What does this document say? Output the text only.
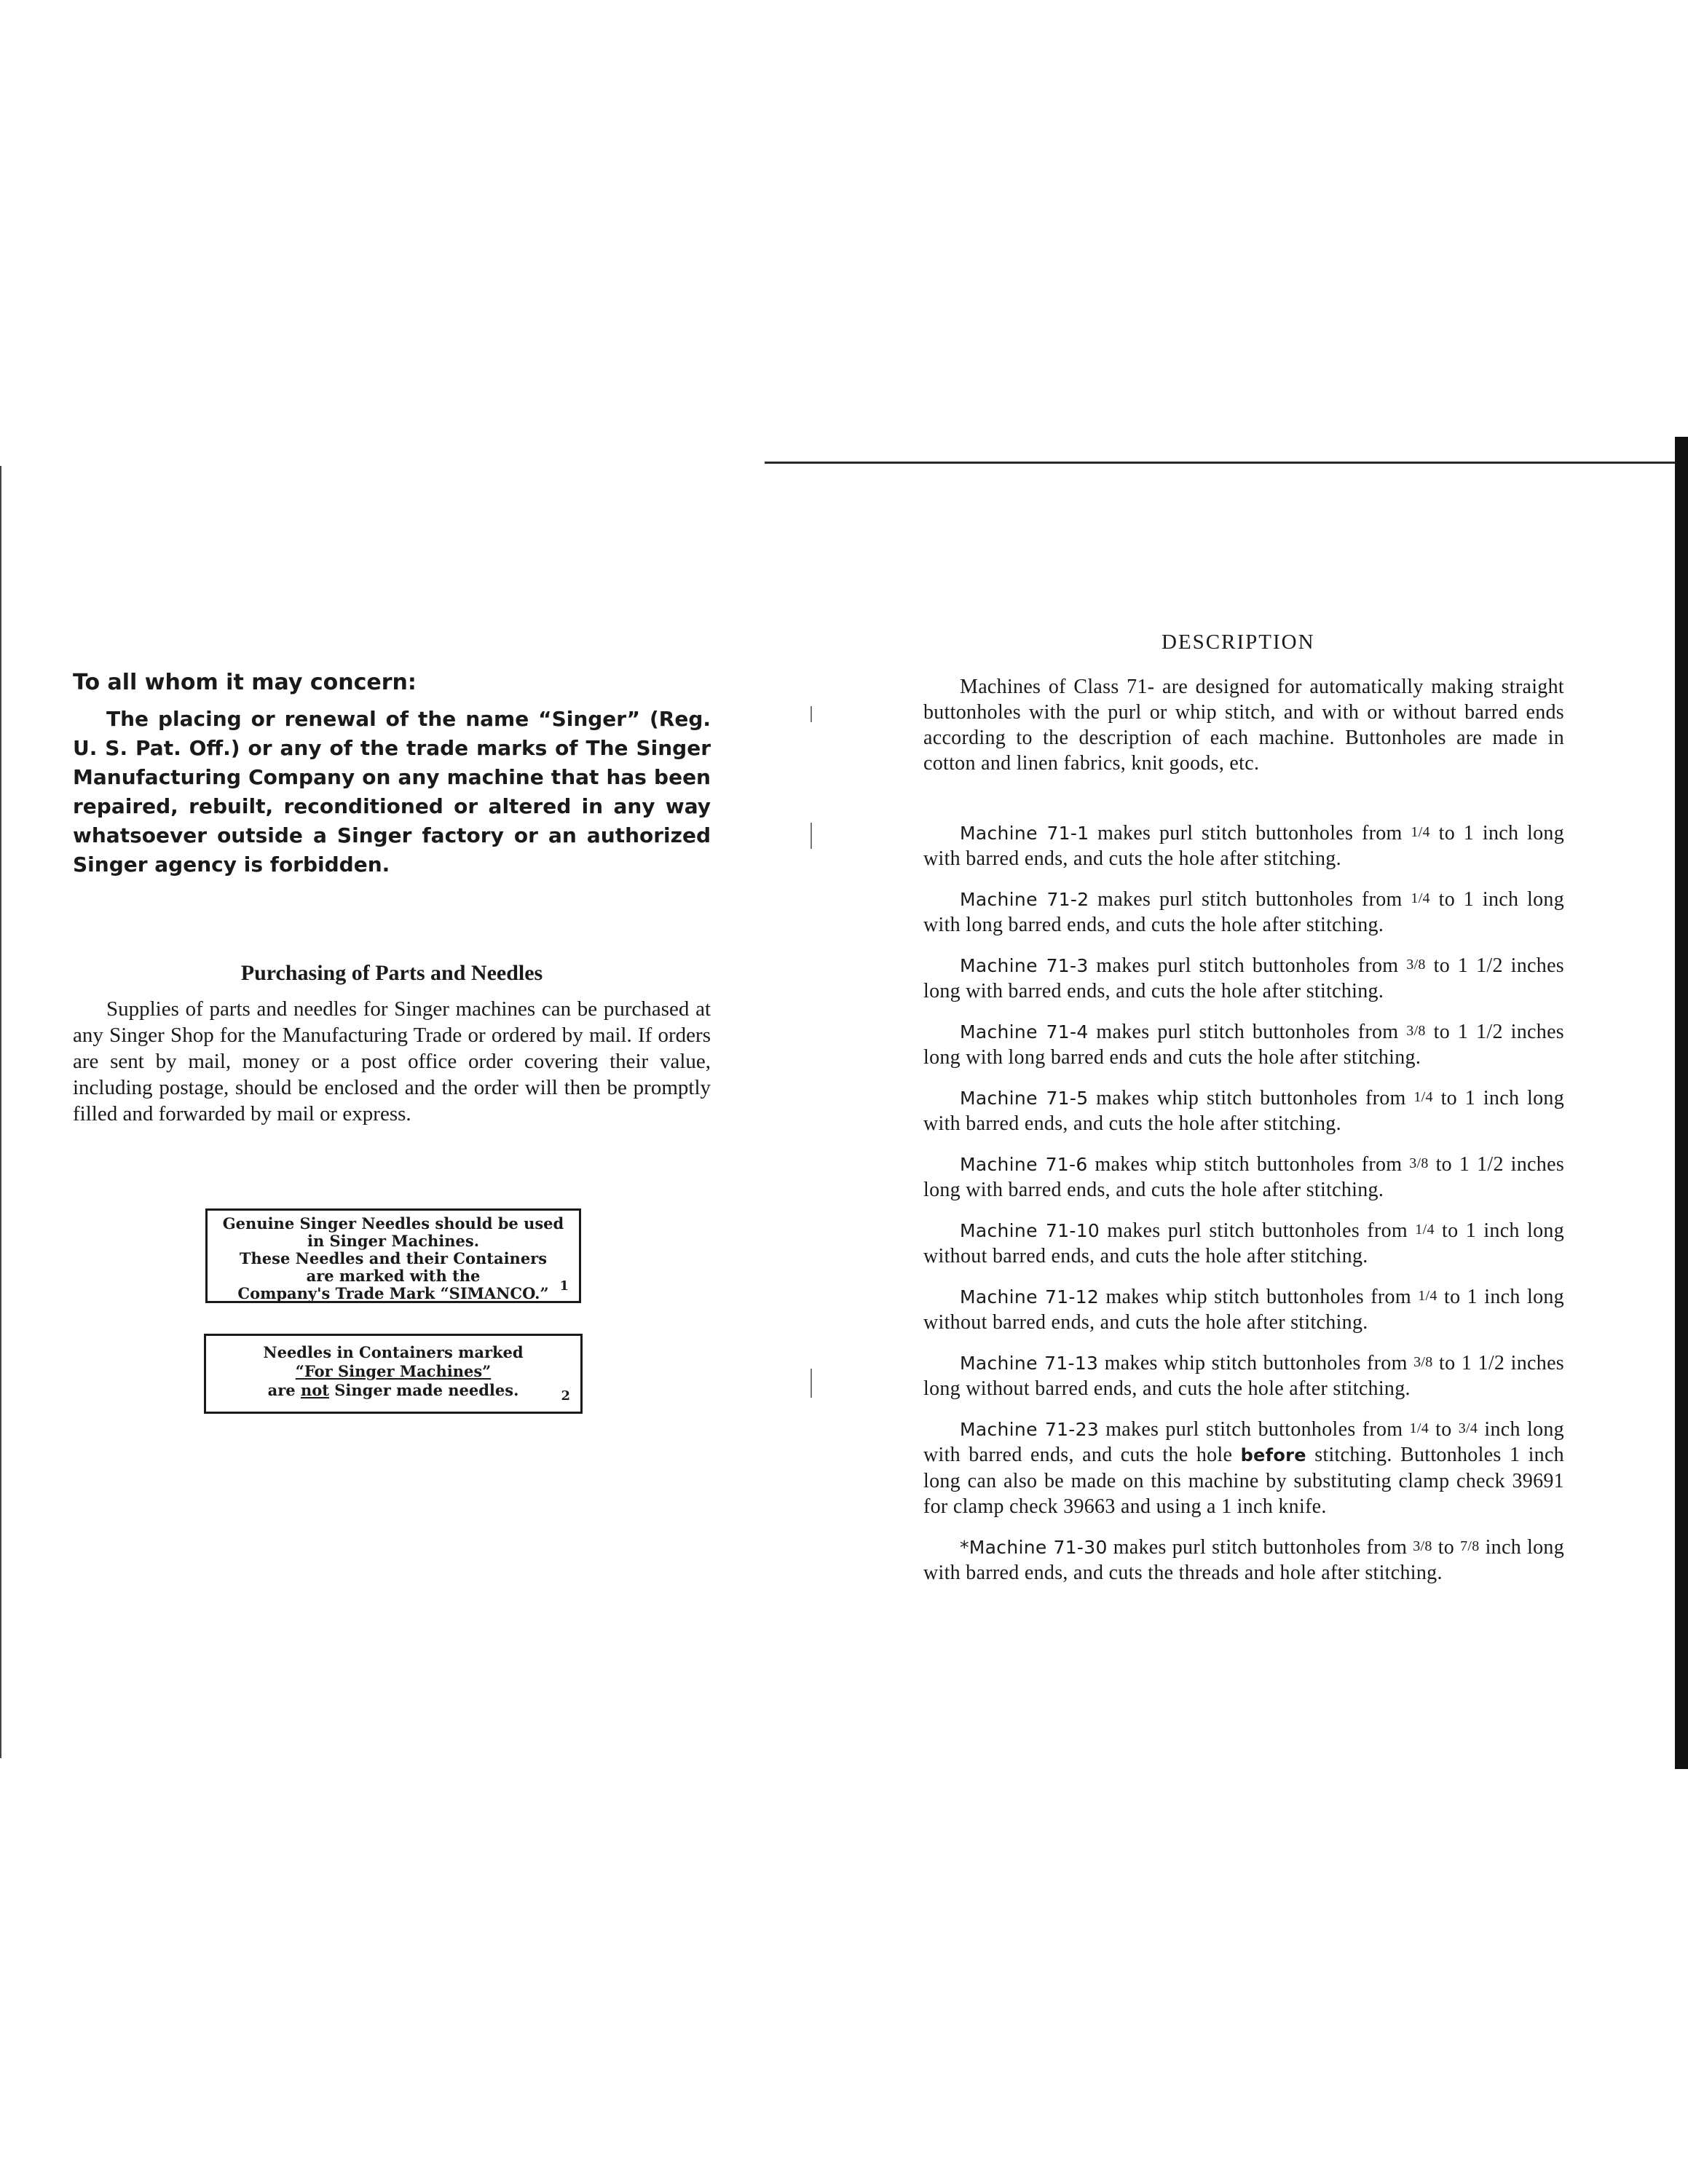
To all whom it may concern:
The placing or renewal of the name “Singer” (Reg. U. S. Pat. Off.) or any of the trade marks of The Singer Manufacturing Company on any machine that has been repaired, rebuilt, reconditioned or altered in any way whatsoever outside a Singer factory or an authorized Singer agency is forbidden.
Purchasing of Parts and Needles
Supplies of parts and needles for Singer machines can be purchased at any Singer Shop for the Manufacturing Trade or ordered by mail. If orders are sent by mail, money or a post office order covering their value, including postage, should be enclosed and the order will then be promptly filled and forwarded by mail or express.
Genuine Singer Needles should be used
in Singer Machines.
These Needles and their Containers
are marked with the
Company's Trade Mark “SIMANCO.” 1
Needles in Containers marked
“For Singer Machines”
are not Singer made needles.	2
DESCRIPTION
Machines of Class 71- are designed for automatically making straight buttonholes with the purl or whip stitch, and with or without barred ends according to the description of each machine. Buttonholes are made in cotton and linen fabrics, knit goods, etc.
Machine 71-1 makes purl stitch buttonholes from 1/4 to 1 inch long with barred ends, and cuts the hole after stitching.
Machine 71-2 makes purl stitch buttonholes from 1/4 to 1 inch long with long barred ends, and cuts the hole after stitching.
Machine 71-3 makes purl stitch buttonholes from 3/8 to 1 1/2 inches long with barred ends, and cuts the hole after stitching.
Machine 71-4 makes purl stitch buttonholes from 3/8 to 1 1/2 inches long with long barred ends and cuts the hole after stitching.
Machine 71-5 makes whip stitch buttonholes from 1/4 to 1 inch long with barred ends, and cuts the hole after stitching.
Machine 71-6 makes whip stitch buttonholes from 3/8 to 1 1/2 inches long with barred ends, and cuts the hole after stitching.
Machine 71-10 makes purl stitch buttonholes from 1/4 to 1 inch long without barred ends, and cuts the hole after stitching.
Machine 71-12 makes whip stitch buttonholes from 1/4 to 1 inch long without barred ends, and cuts the hole after stitching.
Machine 71-13 makes whip stitch buttonholes from 3/8 to 1 1/2 inches long without barred ends, and cuts the hole after stitching.
Machine 71-23 makes purl stitch buttonholes from 1/4 to 3/4 inch long with barred ends, and cuts the hole before stitching. Buttonholes 1 inch long can also be made on this machine by substituting clamp check 39691 for clamp check 39663 and using a 1 inch knife.
*Machine 71-30 makes purl stitch buttonholes from 3/8 to 7/8 inch long with barred ends, and cuts the threads and hole after stitching.
